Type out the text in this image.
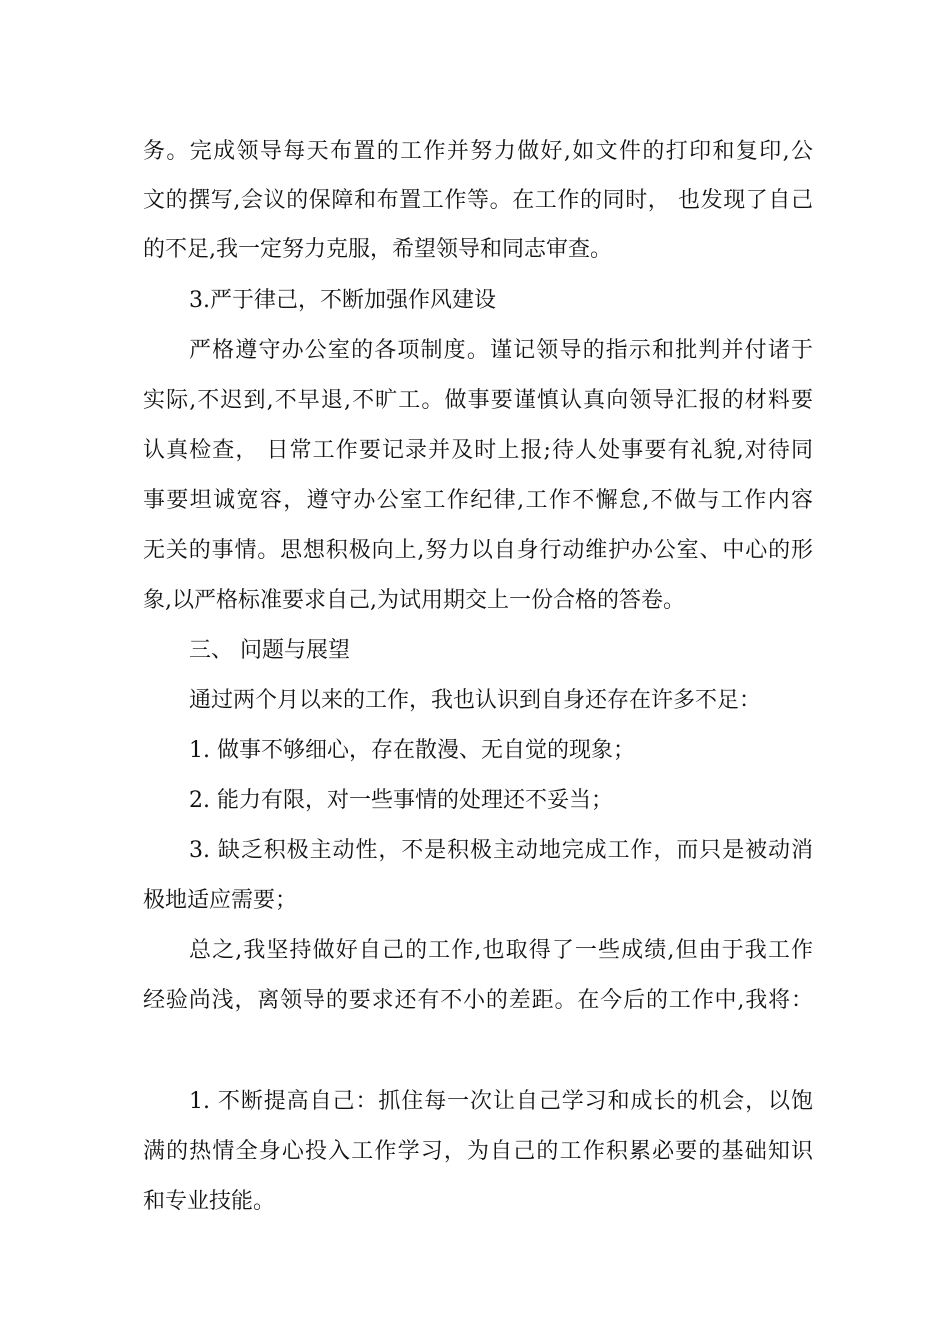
务。完成领导每天布置的工作并努力做好,如文件的打印和复印,公
文的撰写,会议的保障和布置工作等。在工作的同时， 也发现了自己
的不足,我一定努力克服，希望领导和同志审查。
3.严于律己，不断加强作风建设
严格遵守办公室的各项制度。谨记领导的指示和批判并付诸于
实际,不迟到,不早退,不旷工。做事要谨慎认真向领导汇报的材料要
认真检查， 日常工作要记录并及时上报;待人处事要有礼貌,对待同
事要坦诚宽容，遵守办公室工作纪律,工作不懈怠,不做与工作内容
无关的事情。思想积极向上,努力以自身行动维护办公室、中心的形
象,以严格标准要求自己,为试用期交上一份合格的答卷。
三、 问题与展望
通过两个月以来的工作，我也认识到自身还存在许多不足：
1. 做事不够细心，存在散漫、无自觉的现象；
2. 能力有限，对一些事情的处理还不妥当；
3. 缺乏积极主动性，不是积极主动地完成工作，而只是被动消
极地适应需要；
总之,我坚持做好自己的工作,也取得了一些成绩,但由于我工作
经验尚浅，离领导的要求还有不小的差距。在今后的工作中,我将：
1. 不断提高自己：抓住每一次让自己学习和成长的机会，以饱
满的热情全身心投入工作学习，为自己的工作积累必要的基础知识
和专业技能。
